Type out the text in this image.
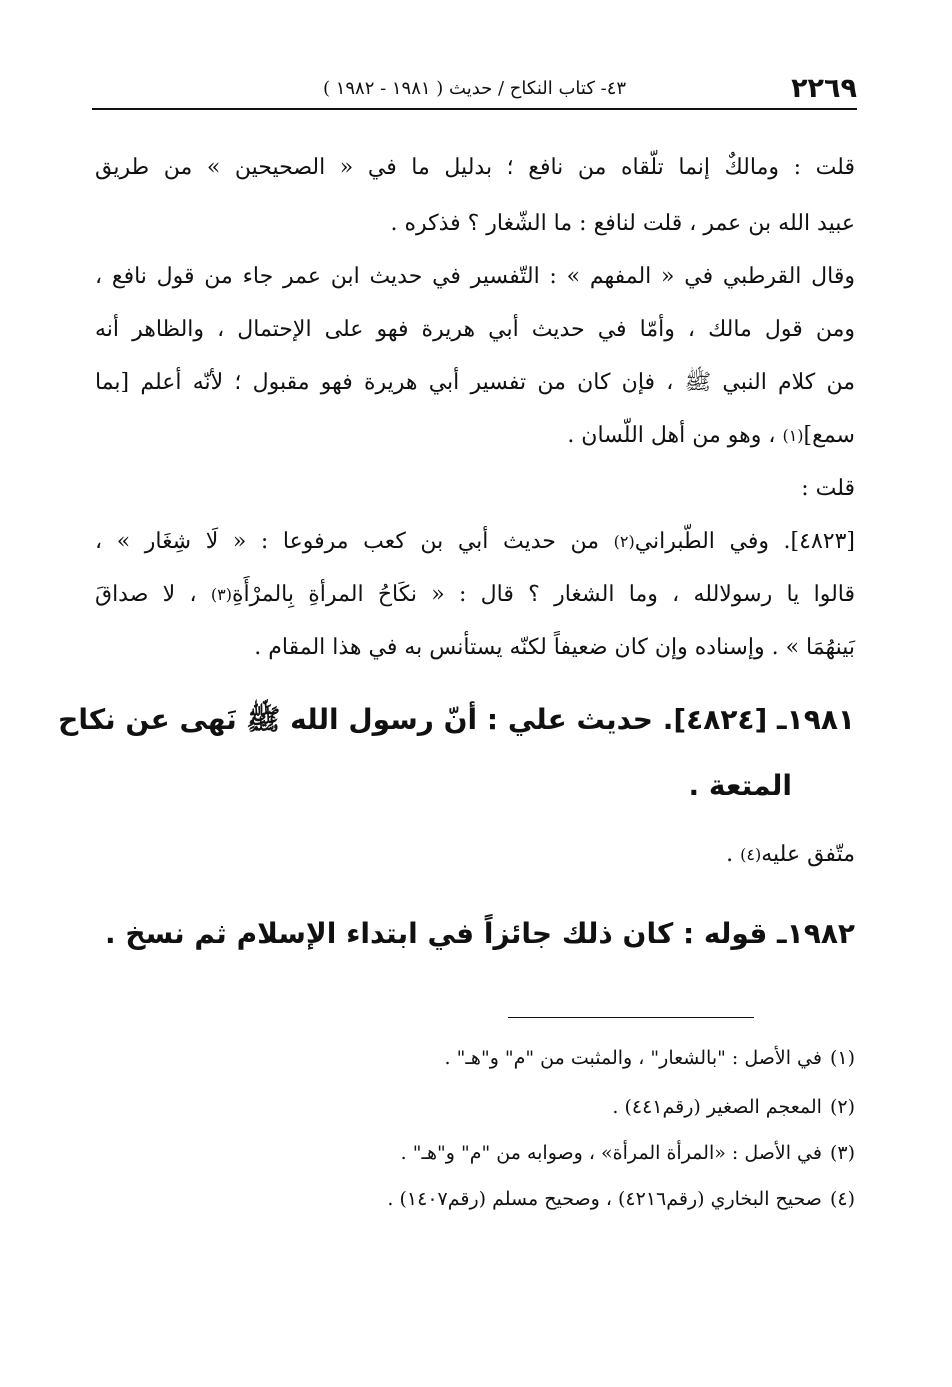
٢٢٦٩
٤٣- كتاب النكاح / حديث ( ١٩٨١ - ١٩٨٢ )
قلت : ومالكٌ إنما تلّقاه من نافع ؛ بدليل ما في « الصحيحين » من طريق
عبيد الله بن عمر ، قلت لنافع : ما الشّغار ؟ فذكره .
وقال القرطبي في « المفهم » : التّفسير في حديث ابن عمر جاء من قول نافع ،
ومن قول مالك ، وأمّا في حديث أبي هريرة فهو على الإحتمال ، والظاهر أنه
من كلام النبي ﷺ ، فإن كان من تفسير أبي هريرة فهو مقبول ؛ لأنّه أعلم [بما
سمع]$^{(١)}$ ، وهو من أهل اللّسان .
قلت :
[٤٨٢٣]. وفي الطّبراني$^{(٢)}$ من حديث أبي بن كعب مرفوعا : « لَا شِغَار » ،
قالوا يا رسولالله ، وما الشغار ؟ قال : « نكَاحُ المرأةِ بِالمرْأَةِ$^{(٣)}$ ، لا صداقَ
بَينهُمَا » . وإسناده وإن كان ضعيفاً لكنّه يستأنس به في هذا المقام .
١٩٨١ـ [٤٨٢٤]. حديث علي : أنّ رسول الله ﷺ نَهى عن نكاح
المتعة .
متّفق عليه$^{(٤)}$ .
١٩٨٢ـ قوله : كان ذلك جائزاً في ابتداء الإسلام ثم نسخ .
(١)في الأصل : "بالشعار" ، والمثبت من "م" و"هـ" .
(٢)المعجم الصغير (رقم٤٤١) .
(٣)في الأصل : «المرأة المرأة» ، وصوابه من "م" و"هـ" .
(٤)صحيح البخاري (رقم٤٢١٦) ، وصحيح مسلم (رقم١٤٠٧) .
